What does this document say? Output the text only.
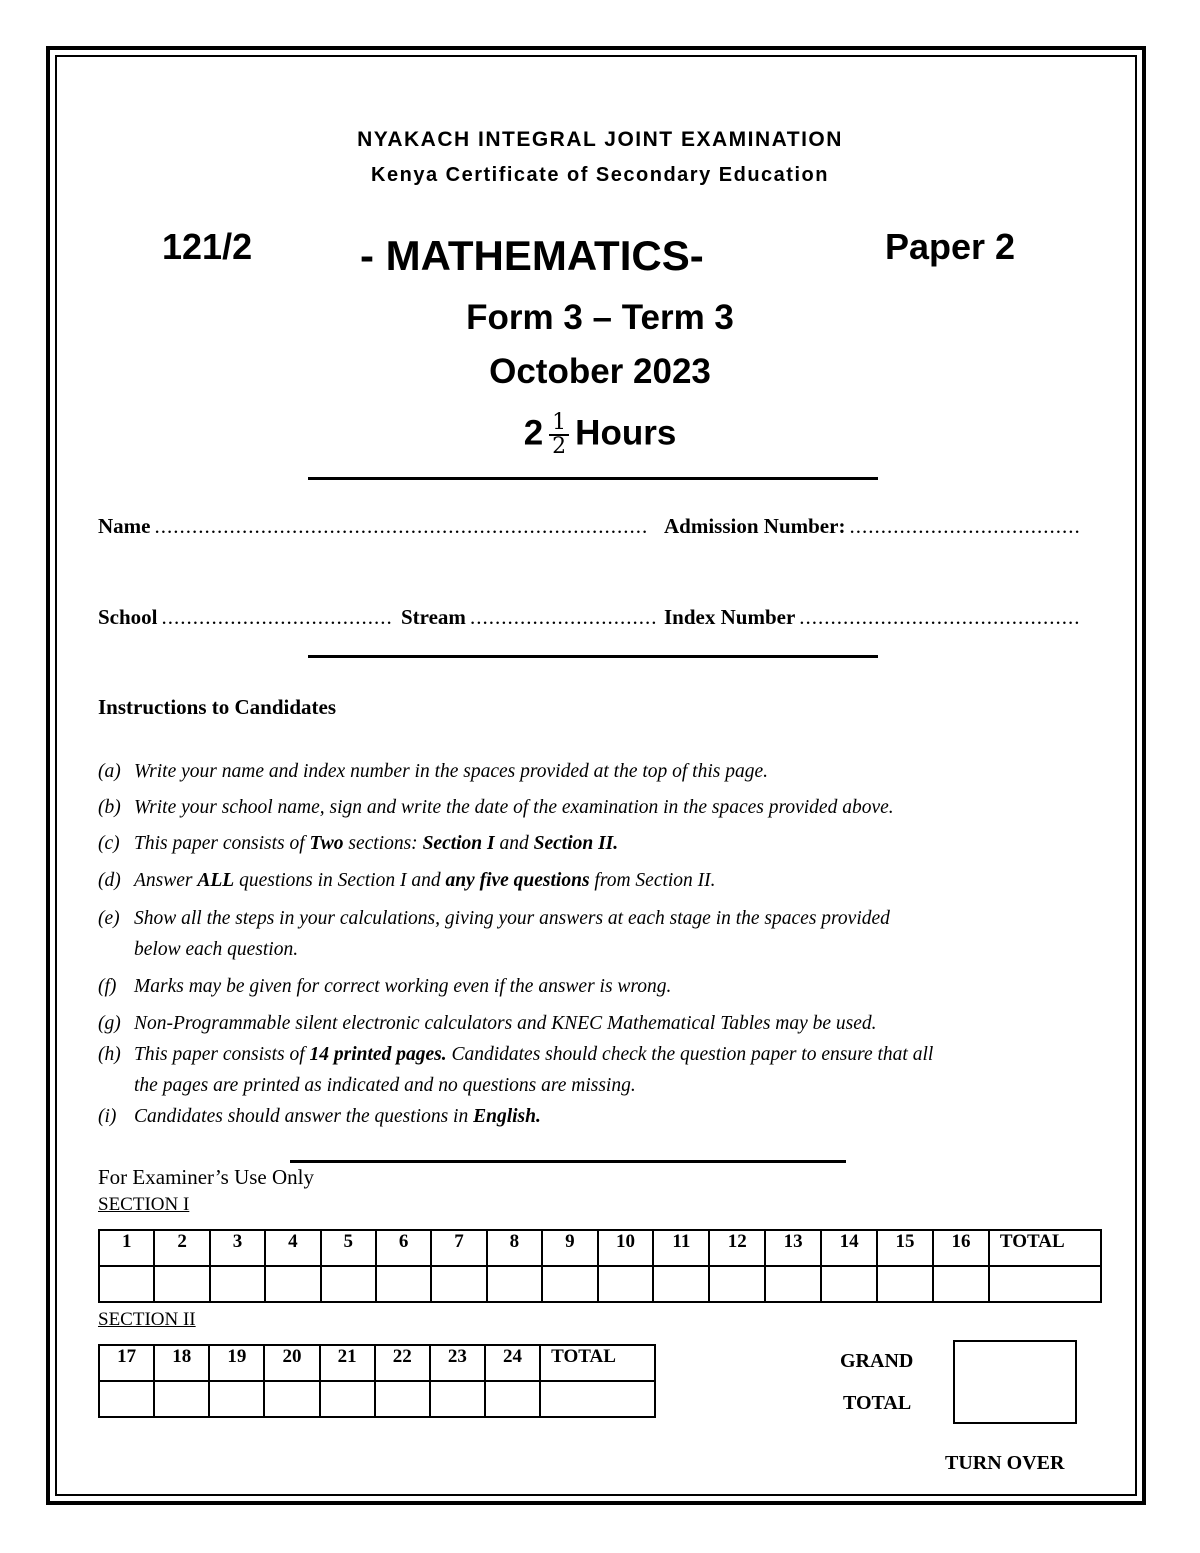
NYAKACH INTEGRAL JOINT EXAMINATION
Kenya Certificate of Secondary Education
121/2	- MATHEMATICS-	Paper 2
Form 3 – Term 3
October 2023
$2 \frac{1}{2}$ Hours
Name ............................................................................... Admission Number: .....................................
School ..................................... Stream .............................. Index Number .............................................
Instructions to Candidates
(a) Write your name and index number in the spaces provided at the top of this page.
(b) Write your school name, sign and write the date of the examination in the spaces provided above.
(c) This paper consists of Two sections: Section I and Section II.
(d) Answer ALL questions in Section I and any five questions from Section II.
(e) Show all the steps in your calculations, giving your answers at each stage in the spaces provided
below each question.
(f) Marks may be given for correct working even if the answer is wrong.
(g) Non-Programmable silent electronic calculators and KNEC Mathematical Tables may be used.
(h) This paper consists of 14 printed pages. Candidates should check the question paper to ensure that all
the pages are printed as indicated and no questions are missing.
(i) Candidates should answer the questions in English.
For Examiner’s Use Only
SECTION I
1	2	3	4	5	6	7	8	9	10	11	12	13	14	15	16	TOTAL

SECTION II
17	18	19	20	21	22	23	24	TOTAL
									GRAND
TOTAL
TURN OVER
